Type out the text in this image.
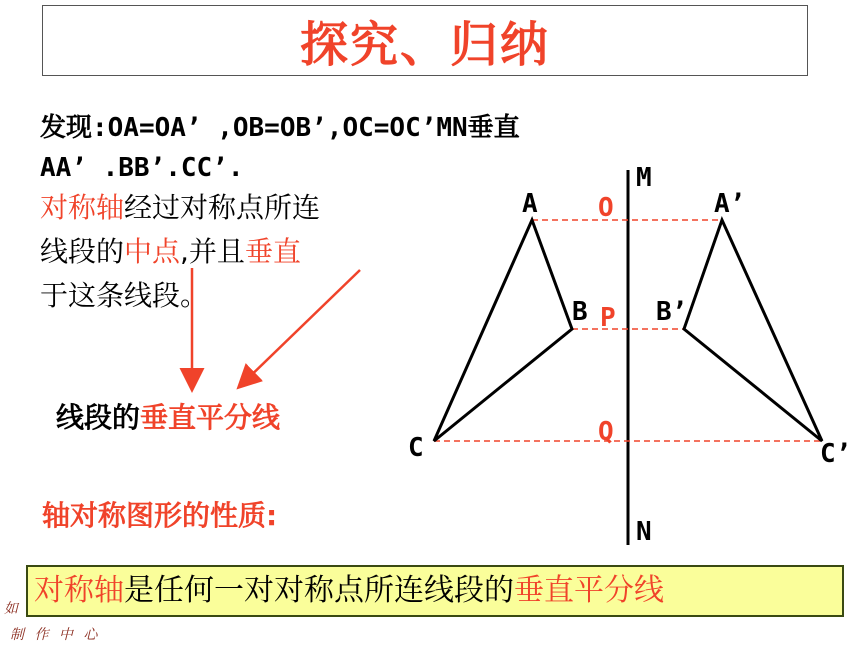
探究、归纳
发现:OA=OA’ ,OB=OB’,OC=OC’MN垂直
AA’ .BB’.CC’.
对称轴经过对称点所连
线段的中点,并且垂直
于这条线段。
线段的垂直平分线
轴对称图形的性质:
对称轴是任何一对对称点所连线段的垂直平分线
如
制 作 中 心
M
N
A	A’
B	B’
C	C’
O
P
Q
